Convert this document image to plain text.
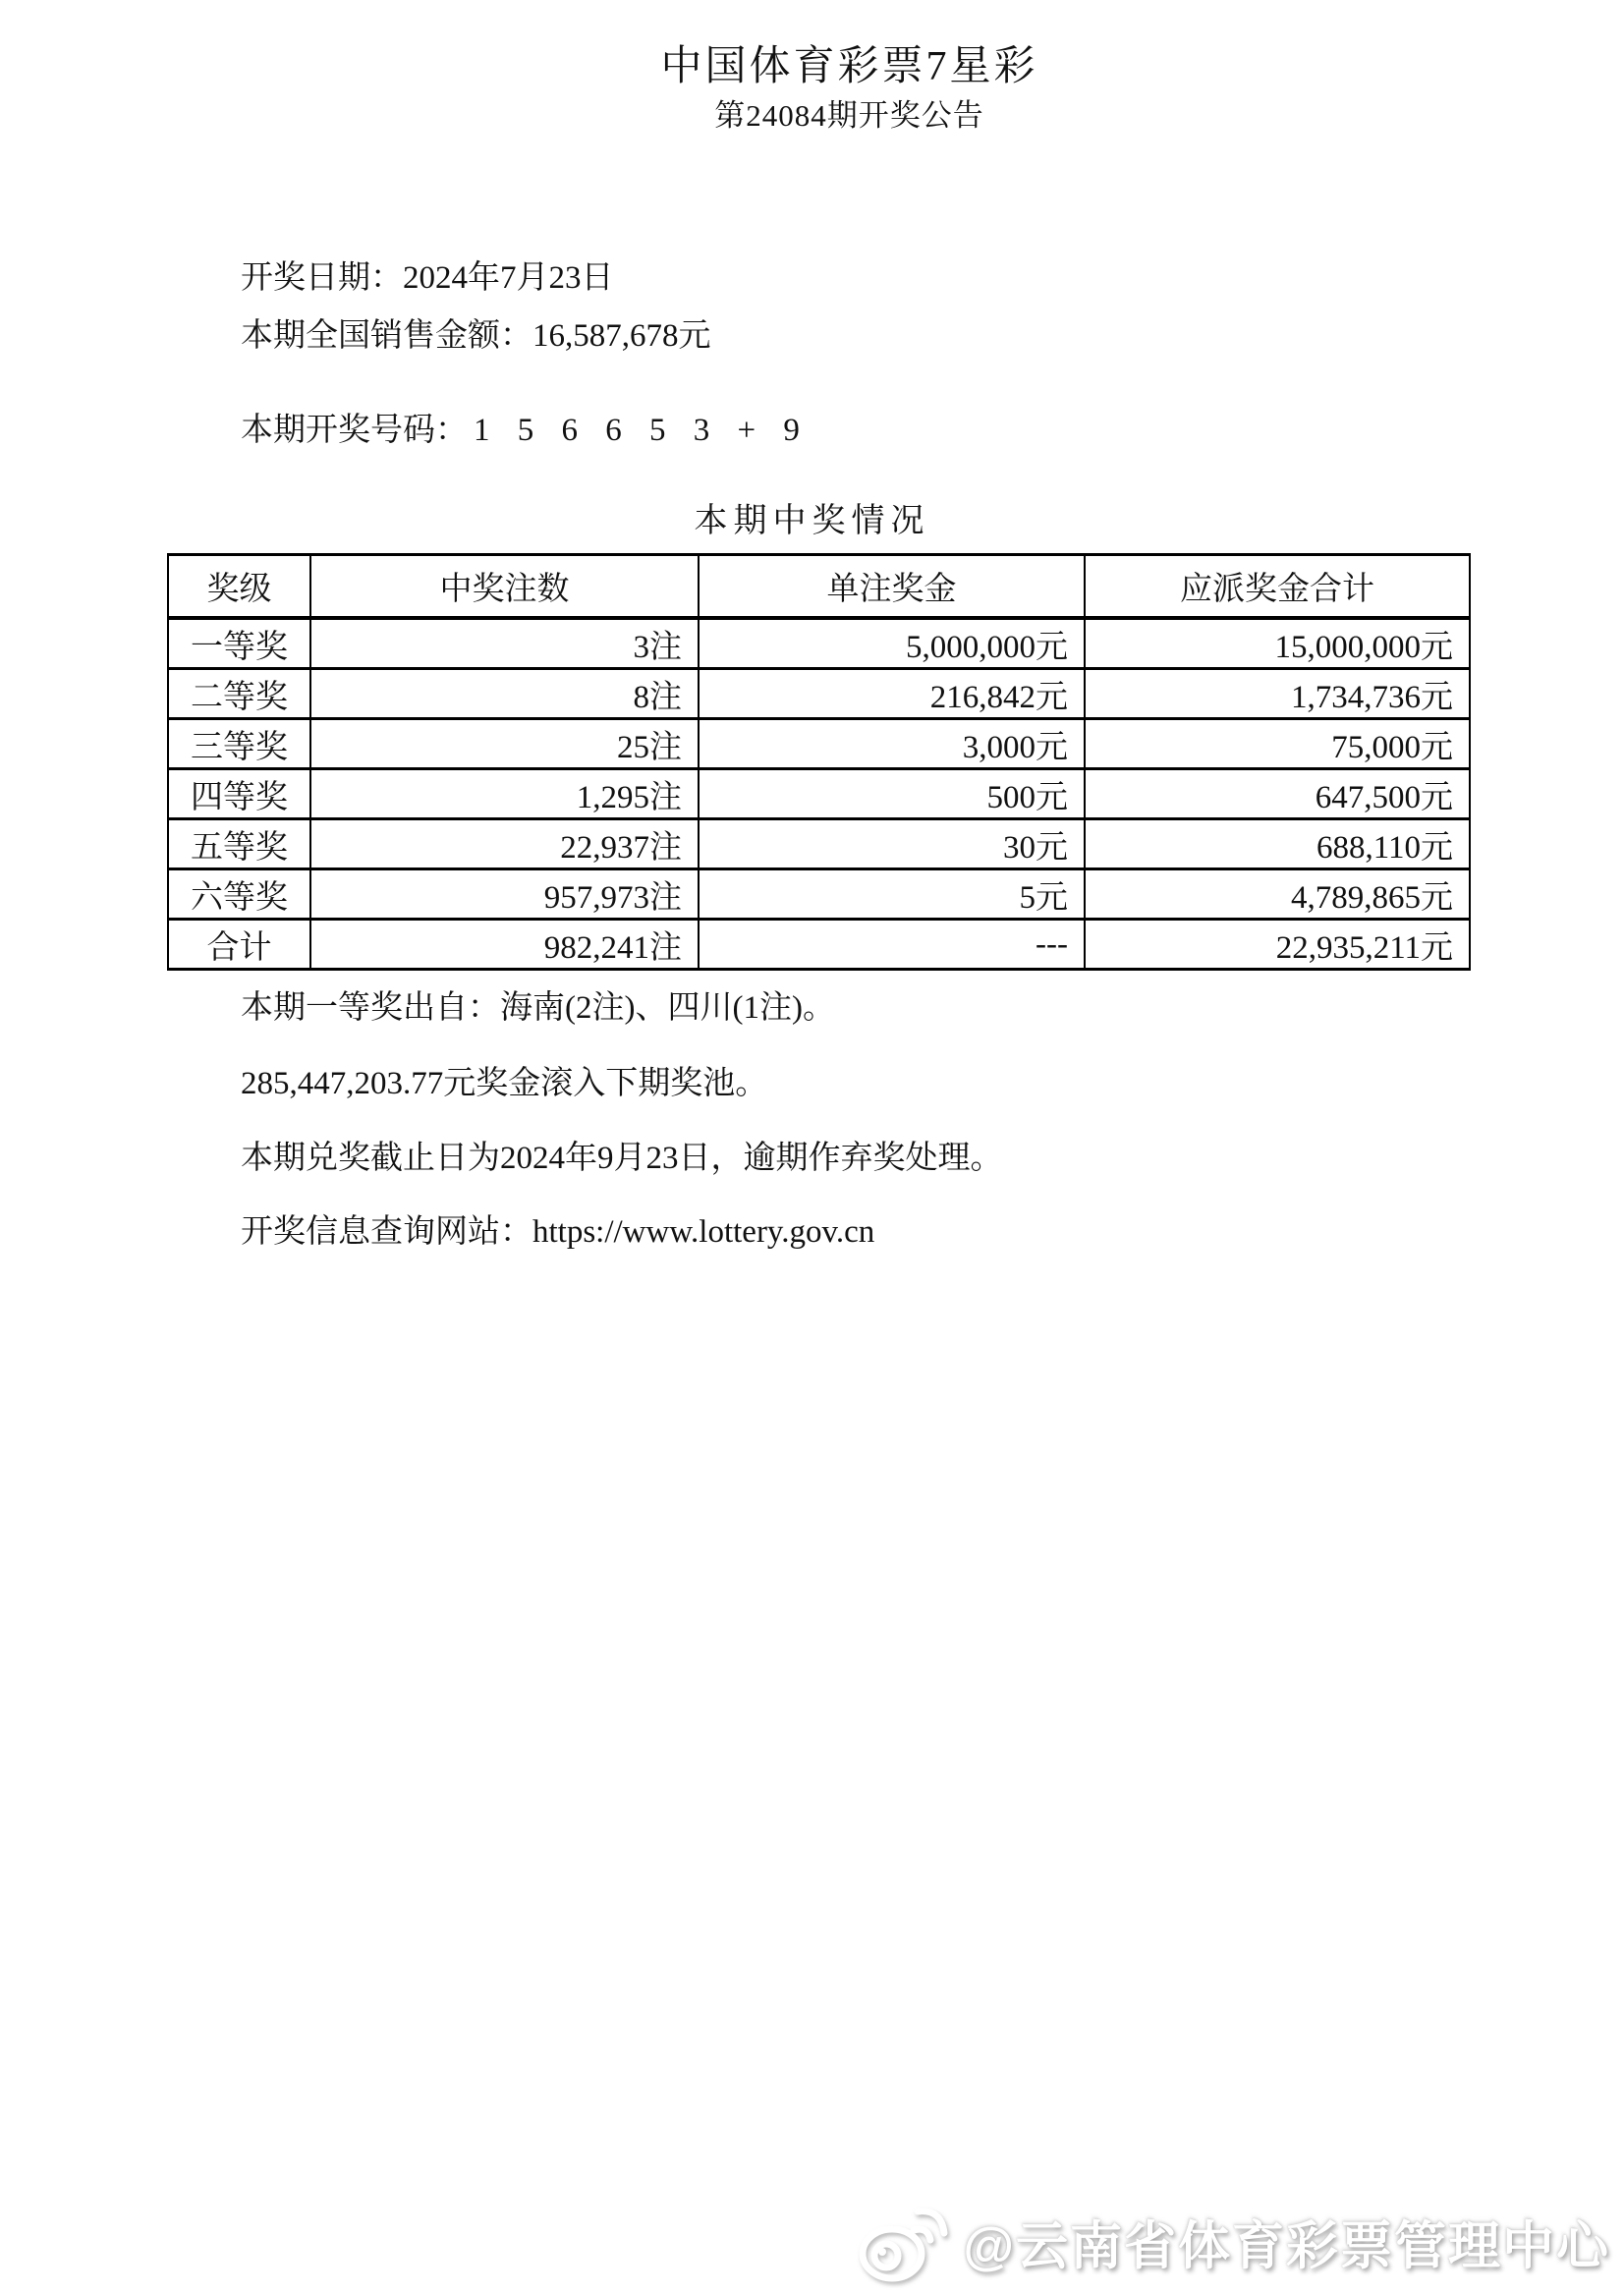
中国体育彩票7星彩
第24084期开奖公告
开奖日期：2024年7月23日
本期全国销售金额：16,587,678元
本期开奖号码： 1 5 6 6 5 3 + 9
本期中奖情况
奖级	中奖注数	单注奖金	应派奖金合计
一等奖	3注	5,000,000元	15,000,000元
二等奖	8注	216,842元	1,734,736元
三等奖	25注	3,000元	75,000元
四等奖	1,295注	500元	647,500元
五等奖	22,937注	30元	688,110元
六等奖	957,973注	5元	4,789,865元
合计	982,241注	---	22,935,211元
本期一等奖出自：海南(2注)、四川(1注)。
285,447,203.77元奖金滚入下期奖池。
本期兑奖截止日为2024年9月23日，逾期作弃奖处理。
开奖信息查询网站：https://www.lottery.gov.cn
@云南省体育彩票管理中心
